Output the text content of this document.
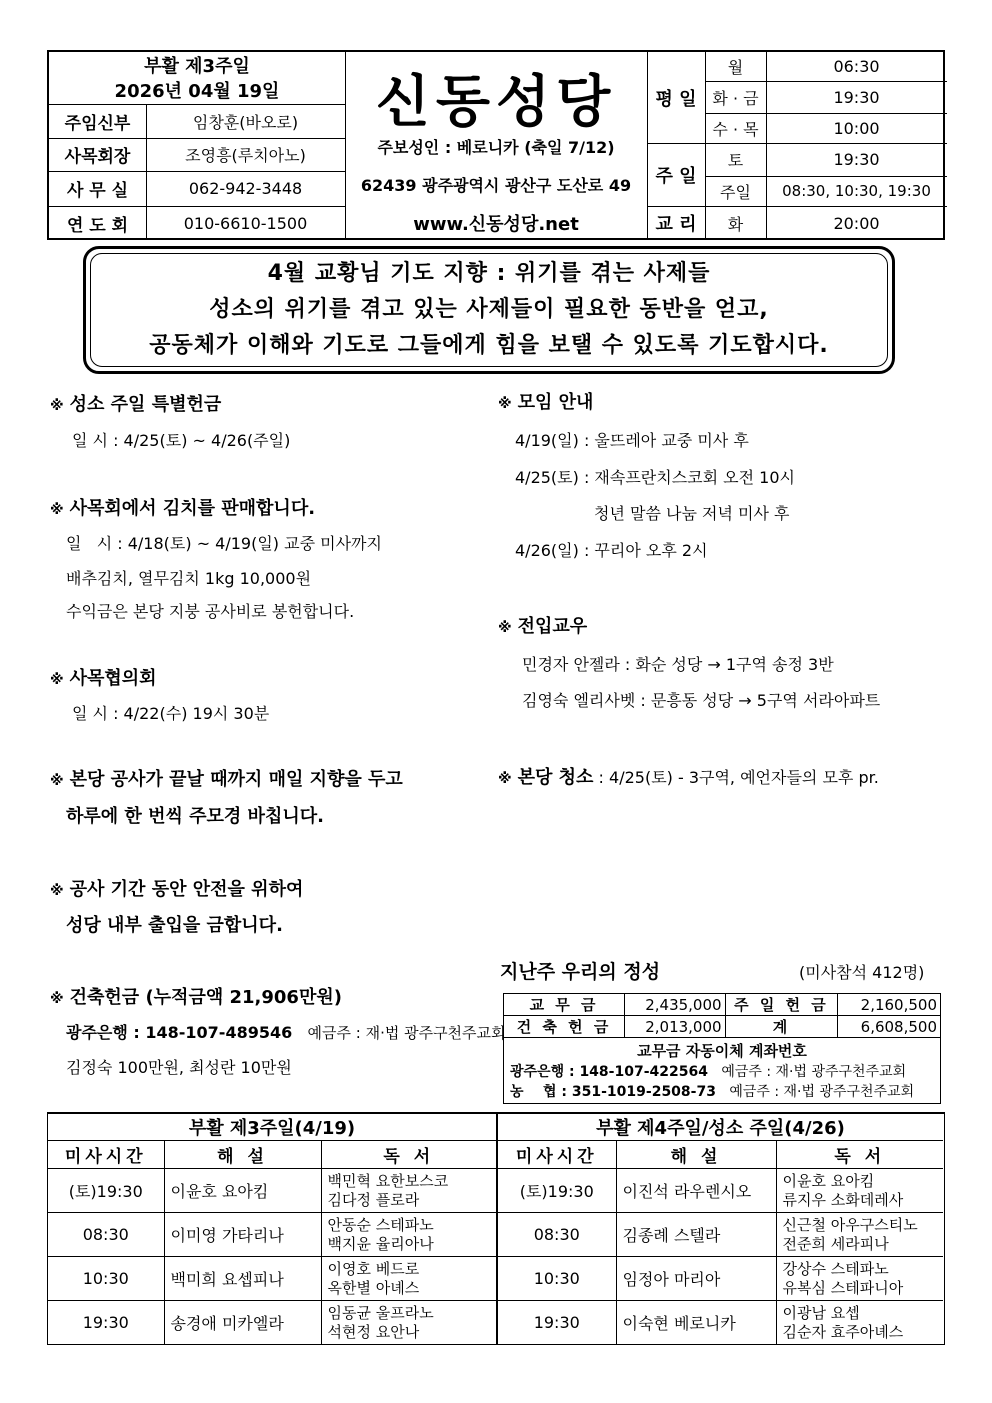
부활 제3주일
2026년 04월 19일
주임신부	임창훈(바오로)
사목회장	조영흥(루치아노)
사 무 실	062-942-3448
연 도 회	010-6610-1500
신동성당
주보성인 : 베로니카 (축일 7/12)
62439 광주광역시 광산구 도산로 49
www.신동성당.net
평 일
주 일
교 리
월	06:30
화 · 금	19:30
수 · 목	10:00
토	19:30
주일	08:30, 10:30, 19:30
화	20:00
4월 교황님 기도 지향 : 위기를 겪는 사제들
성소의 위기를 겪고 있는 사제들이 필요한 동반을 얻고,
공동체가 이해와 기도로 그들에게 힘을 보탤 수 있도록 기도합시다.
※ 성소 주일 특별헌금
일 시 : 4/25(토) ~ 4/26(주일)
※ 사목회에서 김치를 판매합니다.
일   시 : 4/18(토) ~ 4/19(일) 교중 미사까지
배추김치, 열무김치 1kg 10,000원
수익금은 본당 지붕 공사비로 봉헌합니다.
※ 사목협의회
일 시 : 4/22(수) 19시 30분
※ 본당 공사가 끝날 때까지 매일 지향을 두고
하루에 한 번씩 주모경 바칩니다.
※ 공사 기간 동안 안전을 위하여
성당 내부 출입을 금합니다.
※ 건축헌금 (누적금액 21,906만원)
광주은행 : 148-107-489546 예금주 : 재·법 광주구천주교회
김정숙 100만원, 최성란 10만원
※ 모임 안내
4/19(일) : 울뜨레아 교중 미사 후
4/25(토) : 재속프란치스코회 오전 10시
청년 말씀 나눔 저녁 미사 후
4/26(일) : 꾸리아 오후 2시
※ 전입교우
민경자 안젤라 : 화순 성당 → 1구역 송정 3반
김영숙 엘리사벳 : 문흥동 성당 → 5구역 서라아파트
※ 본당 청소 : 4/25(토) - 3구역, 예언자들의 모후 pr.
지난주 우리의 정성	(미사참석 412명)
교 무 금	2,435,000	주 일 헌 금	2,160,500
건 축 헌 금	2,013,000	계	6,608,500
교무금 자동이체 계좌번호			
광주은행 : 148-107-422564 예금주 : 재·법 광주구천주교회			
농    협 : 351-1019-2508-73 예금주 : 재·법 광주구천주교회			
부활 제3주일(4/19)		
미사시간	해 설	독 서
(토)19:30	이윤호 요아킴	백민혁 요한보스코
김다정 플로라

08:30	이미영 가타리나	안동순 스테파노
백지윤 율리아나

10:30	백미희 요셉피나	이영호 베드로
옥한별 아녜스

19:30	송경애 미카엘라	임동균 울프라노
석현정 요안나
부활 제4주일/성소 주일(4/26)		
미사시간	해 설	독 서
(토)19:30	이진석 라우렌시오	이윤호 요아킴
류지우 소화데레사

08:30	김종례 스텔라	신근철 아우구스티노
전준희 세라피나

10:30	임정아 마리아	강상수 스테파노
유복심 스테파니아

19:30	이숙현 베로니카	이광남 요셉
김순자 효주아녜스
